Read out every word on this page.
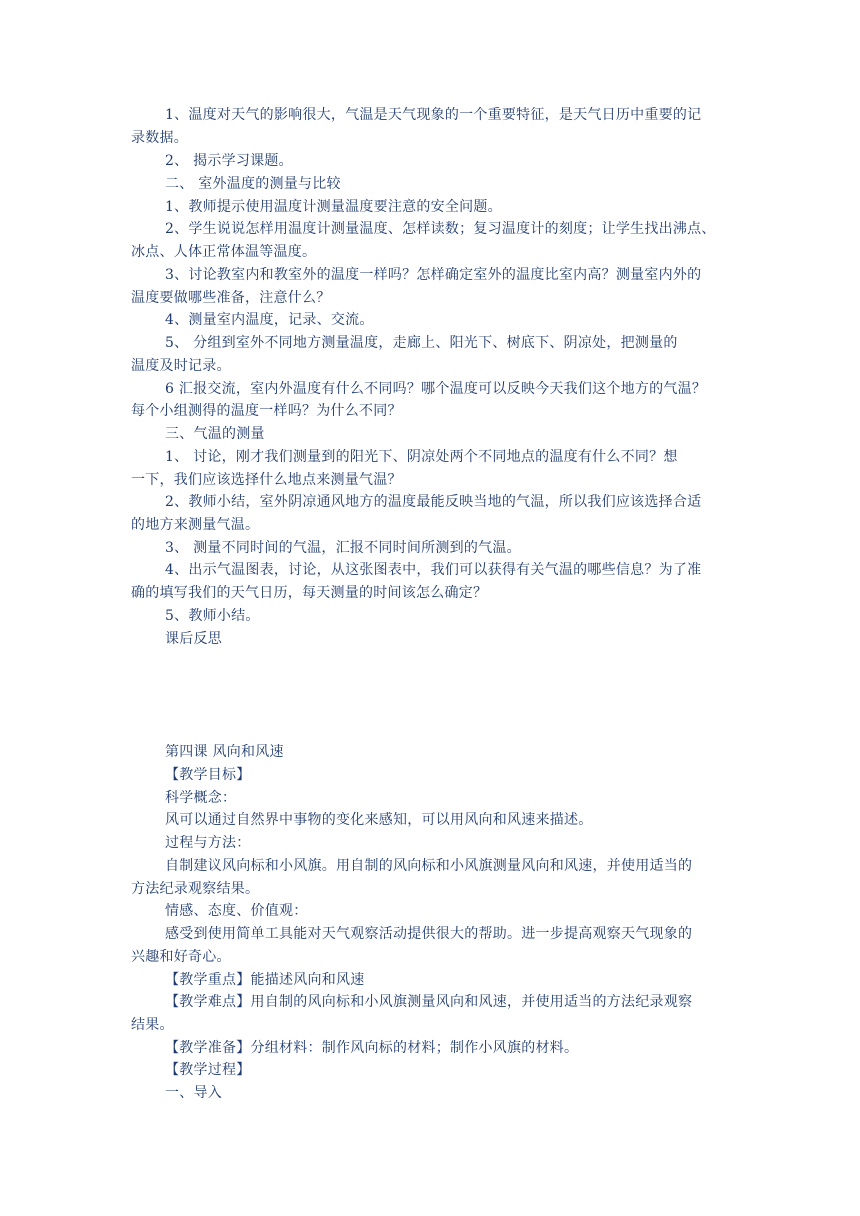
1、温度对天气的影响很大，气温是天气现象的一个重要特征，是天气日历中重要的记
录数据。
2、 揭示学习课题。
二、 室外温度的测量与比较
1、教师提示使用温度计测量温度要注意的安全问题。
2、学生说说怎样用温度计测量温度、怎样读数；复习温度计的刻度；让学生找出沸点、
冰点、人体正常体温等温度。
3、讨论教室内和教室外的温度一样吗？怎样确定室外的温度比室内高？测量室内外的
温度要做哪些准备，注意什么？
4、测量室内温度，记录、交流。
5、 分组到室外不同地方测量温度，走廊上、阳光下、树底下、阴凉处，把测量的
温度及时记录。
6 汇报交流，室内外温度有什么不同吗？哪个温度可以反映今天我们这个地方的气温？
每个小组测得的温度一样吗？为什么不同？
三、气温的测量
1、 讨论，刚才我们测量到的阳光下、阴凉处两个不同地点的温度有什么不同？想
一下，我们应该选择什么地点来测量气温？
2、教师小结，室外阴凉通风地方的温度最能反映当地的气温，所以我们应该选择合适
的地方来测量气温。
3、 测量不同时间的气温，汇报不同时间所测到的气温。
4、出示气温图表，讨论，从这张图表中，我们可以获得有关气温的哪些信息？为了准
确的填写我们的天气日历，每天测量的时间该怎么确定？
5、教师小结。
课后反思
第四课 风向和风速
【教学目标】
科学概念：
风可以通过自然界中事物的变化来感知，可以用风向和风速来描述。
过程与方法：
自制建议风向标和小风旗。用自制的风向标和小风旗测量风向和风速，并使用适当的
方法纪录观察结果。
情感、态度、价值观：
感受到使用简单工具能对天气观察活动提供很大的帮助。进一步提高观察天气现象的
兴趣和好奇心。
【教学重点】能描述风向和风速
【教学难点】用自制的风向标和小风旗测量风向和风速，并使用适当的方法纪录观察
结果。
【教学准备】分组材料：制作风向标的材料；制作小风旗的材料。
【教学过程】
一、导入
